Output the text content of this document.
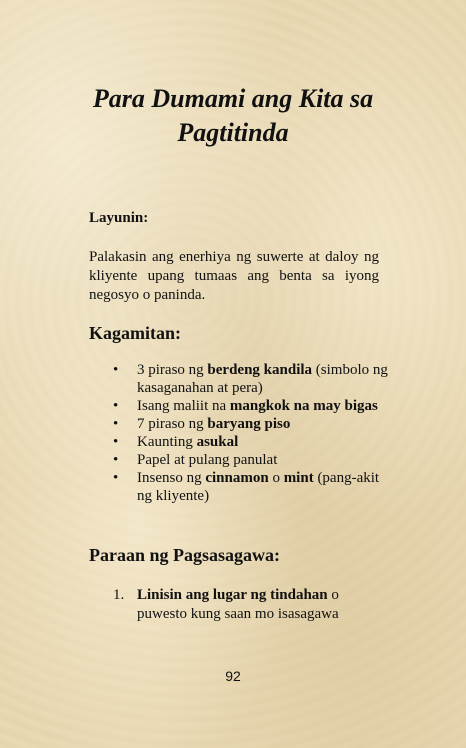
Para Dumami ang Kita sa
Pagtitinda
Layunin:

Palakasin ang enerhiya ng suwerte at daloy ng kliyente upang tumaas ang benta sa iyong negosyo o paninda.

Kagamitan:
• 3 piraso ng berdeng kandila (simbolo ng kasaganahan at pera)
• Isang maliit na mangkok na may bigas
• 7 piraso ng baryang piso
• Kaunting asukal
• Papel at pulang panulat
• Insenso ng cinnamon o mint (pang-akit ng kliyente)
Paraan ng Pagsasagawa:
1. Linisin ang lugar ng tindahan o puwesto kung saan mo isasagawa

92
